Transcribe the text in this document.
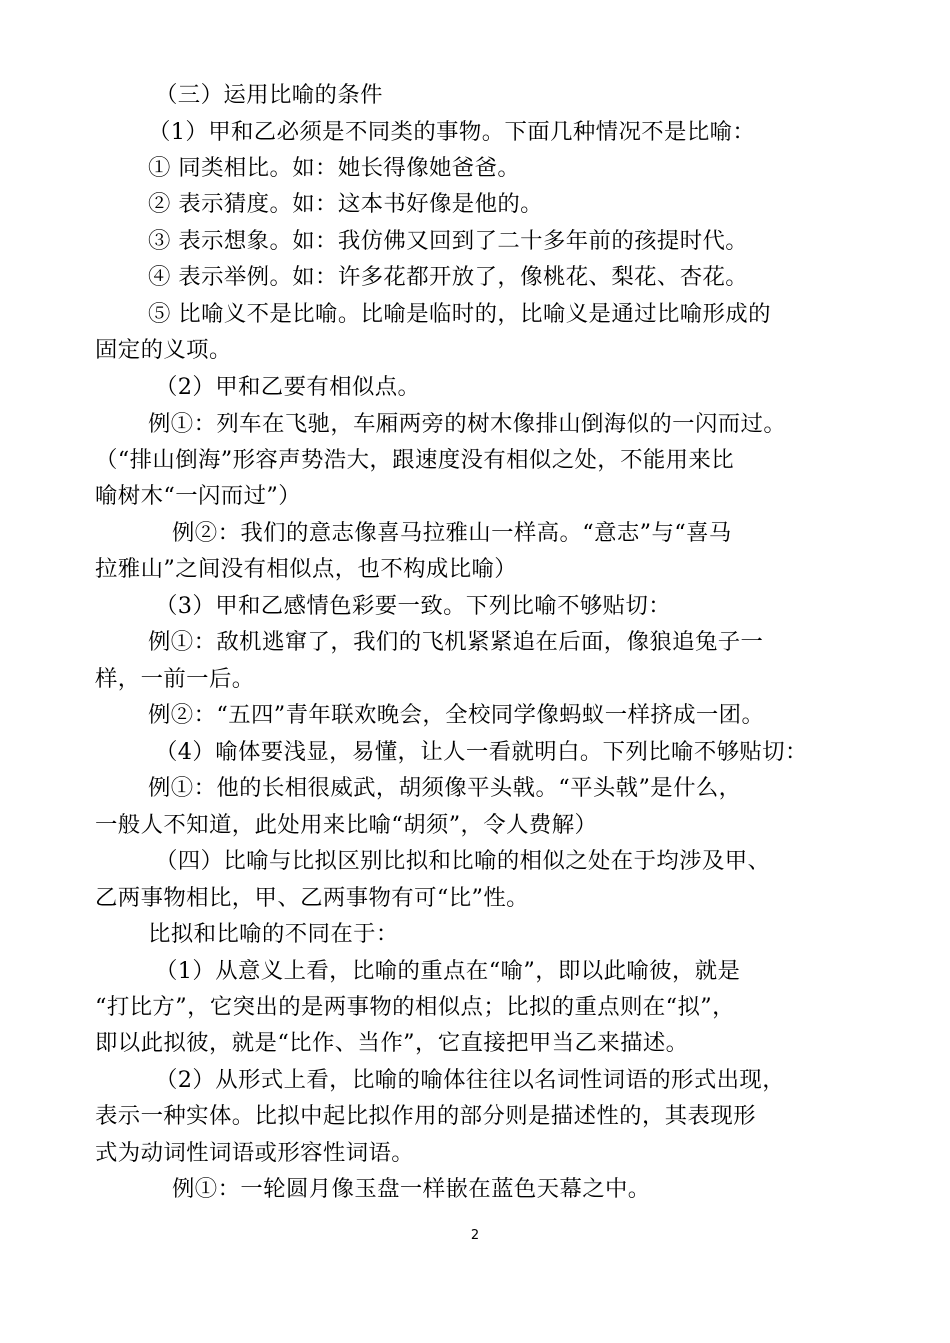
（三）运用比喻的条件
（1）甲和乙必须是不同类的事物。下面几种情况不是比喻：
① 同类相比。如：她长得像她爸爸。
② 表示猜度。如：这本书好像是他的。
③ 表示想象。如：我仿佛又回到了二十多年前的孩提时代。
④ 表示举例。如：许多花都开放了，像桃花、梨花、杏花。
⑤ 比喻义不是比喻。比喻是临时的，比喻义是通过比喻形成的
固定的义项。
（2）甲和乙要有相似点。
例①：列车在飞驰，车厢两旁的树木像排山倒海似的一闪而过。
（“排山倒海”形容声势浩大，跟速度没有相似之处，不能用来比
喻树木“一闪而过”）
例②：我们的意志像喜马拉雅山一样高。“意志”与“喜马
拉雅山”之间没有相似点，也不构成比喻）
（3）甲和乙感情色彩要一致。下列比喻不够贴切：
例①：敌机逃窜了，我们的飞机紧紧追在后面，像狼追兔子一
样，一前一后。
例②：“五四”青年联欢晚会，全校同学像蚂蚁一样挤成一团。
（4）喻体要浅显，易懂，让人一看就明白。下列比喻不够贴切：
例①：他的长相很威武，胡须像平头戟。“平头戟”是什么，
一般人不知道，此处用来比喻“胡须”，令人费解）
（四）比喻与比拟区别比拟和比喻的相似之处在于均涉及甲、
乙两事物相比，甲、乙两事物有可“比”性。
比拟和比喻的不同在于：
（1）从意义上看，比喻的重点在“喻”，即以此喻彼，就是
“打比方”，它突出的是两事物的相似点；比拟的重点则在“拟”，
即以此拟彼，就是“比作、当作”，它直接把甲当乙来描述。
（2）从形式上看，比喻的喻体往往以名词性词语的形式出现，
表示一种实体。比拟中起比拟作用的部分则是描述性的，其表现形
式为动词性词语或形容性词语。
例①：一轮圆月像玉盘一样嵌在蓝色天幕之中。
2
